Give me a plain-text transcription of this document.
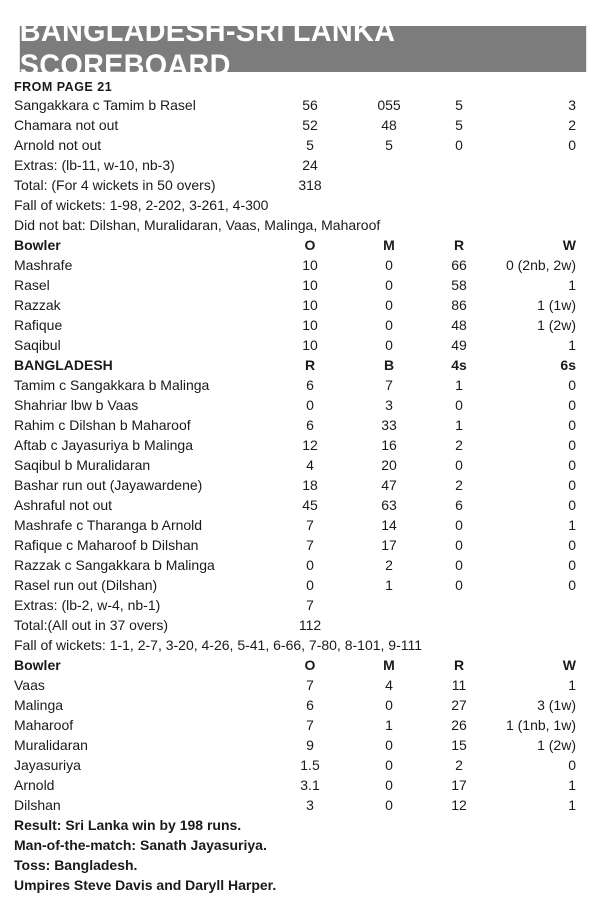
BANGLADESH-SRI LANKA SCOREBOARD
FROM PAGE 21
Sangakkara c Tamim b Rasel	56	055	5	3
Chamara not out	52	48	5	2
Arnold not out	5	5	0	0
Extras: (lb-11, w-10, nb-3)	24
Total: (For 4 wickets in 50 overs)	318
Fall of wickets: 1-98, 2-202, 3-261, 4-300
Did not bat: Dilshan, Muralidaran, Vaas, Malinga, Maharoof
Bowler	O	M	R	W
Mashrafe	10	0	66	0 (2nb, 2w)
Rasel	10	0	58	1
Razzak	10	0	86	1 (1w)
Rafique	10	0	48	1 (2w)
Saqibul	10	0	49	1
BANGLADESH	R	B	4s	6s
Tamim c Sangakkara b Malinga	6	7	1	0
Shahriar lbw b Vaas	0	3	0	0
Rahim c Dilshan b Maharoof	6	33	1	0
Aftab c Jayasuriya b Malinga	12	16	2	0
Saqibul b Muralidaran	4	20	0	0
Bashar run out (Jayawardene)	18	47	2	0
Ashraful not out	45	63	6	0
Mashrafe c Tharanga b Arnold	7	14	0	1
Rafique c Maharoof b Dilshan	7	17	0	0
Razzak c Sangakkara b Malinga	0	2	0	0
Rasel run out (Dilshan)	0	1	0	0
Extras: (lb-2, w-4, nb-1)	7
Total:(All out in 37 overs)	112
Fall of wickets: 1-1, 2-7, 3-20, 4-26, 5-41, 6-66, 7-80, 8-101, 9-111
Bowler	O	M	R	W
Vaas	7	4	11	1
Malinga	6	0	27	3 (1w)
Maharoof	7	1	26	1 (1nb, 1w)
Muralidaran	9	0	15	1 (2w)
Jayasuriya	1.5	0	2	0
Arnold	3.1	0	17	1
Dilshan	3	0	12	1
Result: Sri Lanka win by 198 runs.
Man-of-the-match: Sanath Jayasuriya.
Toss: Bangladesh.
Umpires Steve Davis and Daryll Harper.
